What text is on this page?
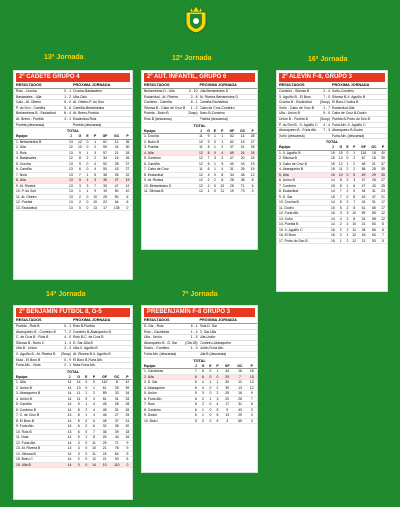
13ª Jornada
2º CADETE GRUPO 4
RESULTADOS	PRÓXIMA JORNADA
Rois - Crocha	0 - 1 Crocha-Bastavales
Bastavales - Ulla	1 - 2 Ulla-Calo
Calo - At. Obeiro	6 - 0 At. Obeiro-P. do Son
P. do Son - Camiña	5 - 6 Camiña-Bertamiráns
Bertamiráns B - Esclavitud	N - 4 At. Brens-Puebla
At. Brens - Puebla	4 - 1 Esclavitud-Rois
Puebla (descansa)	Puebla (descansa)
TOTAL
Equipo	J	G	E	P	GF	GC	P
1. Bertamiráns B	13	12	0	1	61	11	36
2. Ulla	12	10	0	2	59	24	30
3. Rois	13	9	1	3	57	21	28
4. Bastavales	12	8	2	2	34	16	26
5. Crocha	13	9	0	4	52	28	27
6. Camiña	13	6	0	4	50	43	27
7. Noia	13	7	1	5	38	26	22
8. Ulla	13	5	1	3	35	27	19
9. At. Riveira	13	3	3	7	33	47	12
10. P. do Son	13	1	1	9	19	50	10
11. At. Obeiro	13	2	0	10	25	50	6
12. Puebla	13	2	0	10	22	64	6
13. Esclavitud	13	0	0	13	17	135	0
12ª Jornada
2º AUT. INFANTIL, GRUPO 6
RESULTADOS	PRÓXIMA JORNADA
Bertamiráns D - Ulla	0 - 10 Ulla-Bertamiráns D
Esclavitud - At. Riveira	2 - 8 At. Riveira-Bertamiráns D
Cordeiro - Camiña	6 - 1 Camiña-Esclavitud
Silvosa B - Cabo de Cruz B	1 - 2 Cabo de Cruz-Cordeiro
Puebla - Boiro B	(Susp) Boiro B-Cordeiro
Rois B (descansa)	Puebla (descansa)
TOTAL
Equipo	J	G	E	P	GF	GC	P
1. Crocha	11	9	1	1	52	14	28
2. Boiro B	10	9	0	1	62	15	27
3. Puebla	11	8	1	2	47	21	25
4. Ulla	12	8	0	4	69	24	24
5. Cordeiro	12	7	3	2	47	20	24
6. Camiña	12	6	1	5	40	43	19
7. Cabo de Cruz	11	6	1	4	31	26	19
8. Esclavitud	12	4	0	8	34	48	12
9. At. Riveira	12	2	2	8	28	38	8
10. Bertamiráns D	12	2	0	10	28	71	6
11. Silvosa B	12	1	0	11	19	73	3
16ª Jornada
2º ALEVÍN F-8, GRUPO 3
RESULTADOS	PRÓXIMA JORNADA
Cordeiro - Silvosa B	2 - 4 Xuño-Cordeiro
X. Aguiño B - El Boro	7 - 0 Silvosa B-X. Aguiño B
Crocha B - Esclavitud	(Susp) El Boro-Crocha B
Xuño - Cabo de Cruz B	1 - 7 Esclavitud-Ulla
Ulla - Unión B	9 - 0 Cabo de Cruz B-Dodro
Unión B - Puebla B	(Susp) Puebla B-Porto do Son B
P. do Son B - X. Aguiño C	4 - 4 Furia Ath.-X. Aguiño C
Abanqueiro B - Furia Ath.	7 - 3 Abanqueiro B-Dodro
Xuño (descansa)	Furia Ath. (descansa)
TOTAL
Equipo	J	G	E	P	GF	GC	P
1. X. Aguiño B	15	15	0	1	116	18	40
2. Silvosa B	15	13	0	2	67	18	39
3. Cabo de Cruz B	15	12	1	2	48	21	37
4. Abanqueiro B	15	11	2	2	58	28	35
5. Ulla	15	10	0	5	49	29	30
6. Unión B	14	8	3	3	37	26	27
7. Cordeiro	15	8	1	6	47	43	25
8. Esclavitud	14	7	2	5	34	31	23
9. D. Sar	15	7	0	8	43	47	21
10. Crocha B	14	5	2	7	24	31	17
11. Dodro	15	5	2	8	51	65	17
12. Furia Ath.	16	3	3	10	59	55	12
13. Xuño	14	4	2	8	24	58	12
14. Puebla B	14	2	2	10	21	83	8
15. X. Aguiño C	16	2	2	11	28	65	8
16. El Boro	15	2	1	12	18	63	7
17. Porto do Son B	15	1	2	12	21	93	5
14ª Jornada
2º BENJAMÍN FÚTBOL 8, G-5
RESULTADOS	PRÓXIMA JORNADA
Puebla - Rois B	0 - 1 Rois B-Puebla
Abanqueiro B - Cordeiro B	7 - 2 Cordeiro B-Abanqueiro B
C. de Cruz B - Rois B	4 - 0 Rois B-C. de Cruz B
Silvosa B - Boiro C	1 - 4 D. Sar-Ulla B
Ulla B - Unión	2 - 4 Ulla-X. Aguiño B
X. Aguiño B - At. Riveira B	(Susp) At. Riveira B-X. Aguiño B
Noia - El Boro B	0 - 9 El Boro B-Furia Ath.
Furia Ath. - Noia	2 - 1 Noia-Furia Ath.
TOTAL
Equipo	J	G	E	P	GF	GC	P
1. Ulla	14	14	0	0	110	8	42
2. Unión B	14	13	0	1	61	25	39
3. Abanqueiro B	14	11	1	2	89	33	34
4. Unión B	14	11	0	3	81	31	33
5. Camiña	14	9	1	4	45	28	28
6. Cordeiro B	14	8	2	4	48	31	26
7. C. de Cruz B	13	8	1	4	46	27	25
8. El Boro B	14	8	0	6	48	37	24
9. Furia Ath.	14	6	2	6	32	35	20
10. Rois B	13	6	0	7	38	39	18
11. Noia	14	5	1	8	26	44	16
12. Furia Ath.	14	3	0	11	25	71	9
13. At. Riveira B	13	3	0	10	21	76	9
14. Silvosa B	14	3	0	11	24	84	9
15. Boiro C	14	2	0	12	21	90	6
16. Ulla B	14	0	0	14	10	110	0
7ª Jornada
PREBENJAMÍN F-8 GRUPO 3
RESULTADOS	PRÓXIMA JORNADA
D. Sar - Rois	6 - 1 Rois-D. Sar
Rois - Cacheiras	1 - 4 D. Sar-Ulla
Ulla - Unión	1 - 5 Ulla-Unión
Abanqueiro B - D. Sar	(Ola 28) Cordeiro-Abanqueiro
Dodro - Cordeiro	1 - 3 Unión-Furia Ath.
Furia Ath. (descansa)	Ulla B (descansa)
TOTAL
Equipo	J	G	E	P	GF	GC	P
1. Cacheiras	7	6	0	1	44	16	18
2. Ulla	6	6	0	0	29	7	18
3. D. Sar	6	4	1	1	30	12	13
4. Abanqueiro	6	4	0	2	39	13	12
5. Unión	5	3	0	2	25	16	9
6. Furia Ath.	6	2	1	3	20	26	7
7. Rois	6	2	0	4	17	31	6
8. Cordeiro	6	1	0	5	9	43	3
9. Dodro	6	1	0	5	13	29	3
10. Boiro	5	0	0	5	3	65	0
